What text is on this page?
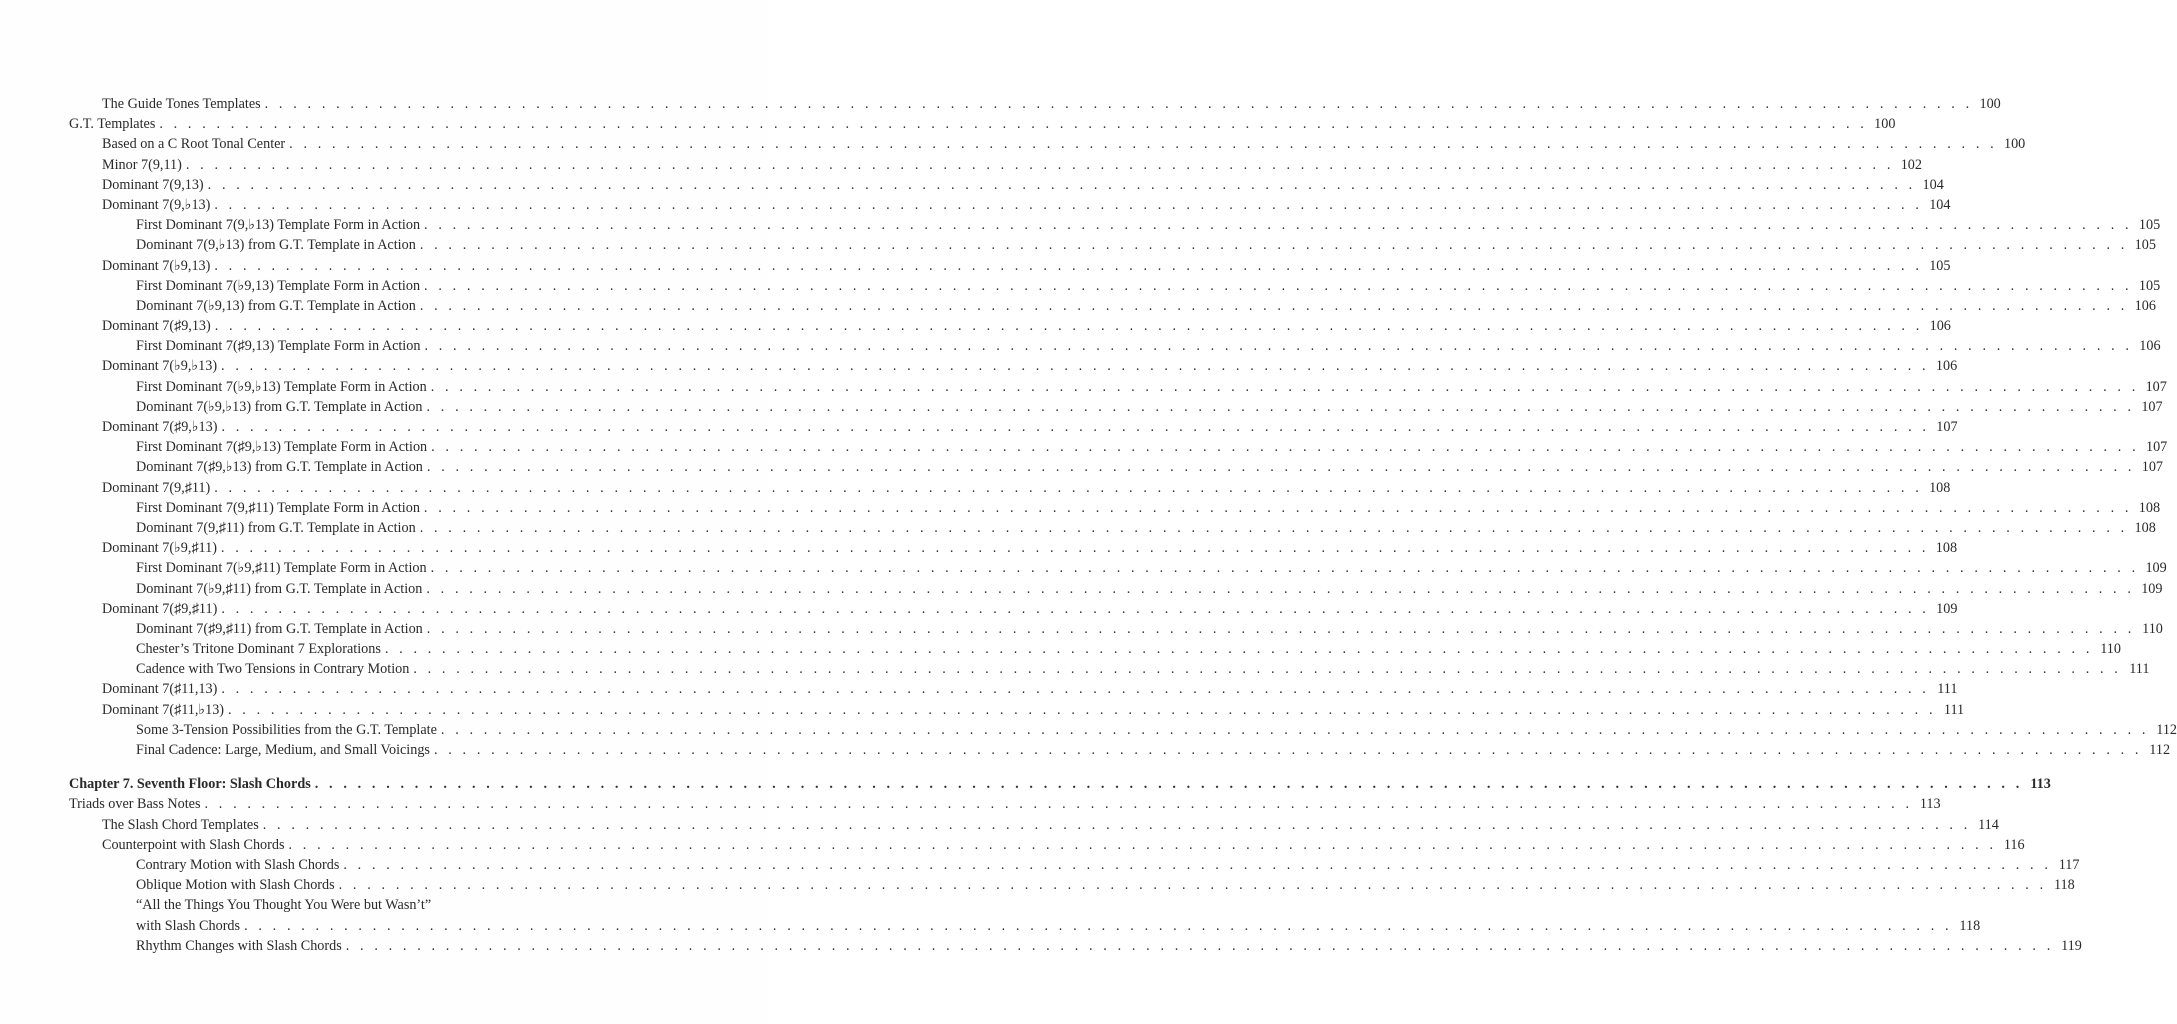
The Guide Tones Templates . . . . . . . . . . . . . . . . . . . . . . . . . . . . . . . . . . . . . . . . . . . . . . . . . . . . . . . . . . . . . . . . . . . . . . . . . . . . . . . . . . . . . . . . . . . . . . . . . . . . . . . . . . . . . . . . . . . . . . . . 100
G.T. Templates . . . . . . . . . . . . . . . . . . . . . . . . . . . . . . . . . . . . . . . . . . . . . . . . . . . . . . . . . . . . . . . . . . . . . . . . . . . . . . . . . . . . . . . . . . . . . . . . . . . . . . . . . . . . . . . . . . . . . . . . 100
Based on a C Root Tonal Center . . . . . . . . . . . . . . . . . . . . . . . . . . . . . . . . . . . . . . . . . . . . . . . . . . . . . . . . . . . . . . . . . . . . . . . . . . . . . . . . . . . . . . . . . . . . . . . . . . . . . . . . . . . . . . . . . . . . . . . . 100
Minor 7(9,11) . . . . . . . . . . . . . . . . . . . . . . . . . . . . . . . . . . . . . . . . . . . . . . . . . . . . . . . . . . . . . . . . . . . . . . . . . . . . . . . . . . . . . . . . . . . . . . . . . . . . . . . . . . . . . . . . . . . . . . . . 102
Dominant 7(9,13) . . . . . . . . . . . . . . . . . . . . . . . . . . . . . . . . . . . . . . . . . . . . . . . . . . . . . . . . . . . . . . . . . . . . . . . . . . . . . . . . . . . . . . . . . . . . . . . . . . . . . . . . . . . . . . . . . . . . . . . . 104
Dominant 7(9,♭13) . . . . . . . . . . . . . . . . . . . . . . . . . . . . . . . . . . . . . . . . . . . . . . . . . . . . . . . . . . . . . . . . . . . . . . . . . . . . . . . . . . . . . . . . . . . . . . . . . . . . . . . . . . . . . . . . . . . . . . . . 104
First Dominant 7(9,♭13) Template Form in Action . . . . . . . . . . . . . . . . . . . . . . . . . . . . . . . . . . . . . . . . . . . . . . . . . . . . . . . . . . . . . . . . . . . . . . . . . . . . . . . . . . . . . . . . . . . . . . . . . . . . . . . . . . . . . . . . . . . . . . . . 105
Dominant 7(9,♭13) from G.T. Template in Action . . . . . . . . . . . . . . . . . . . . . . . . . . . . . . . . . . . . . . . . . . . . . . . . . . . . . . . . . . . . . . . . . . . . . . . . . . . . . . . . . . . . . . . . . . . . . . . . . . . . . . . . . . . . . . . . . . . . . . . . 105
Dominant 7(♭9,13) . . . . . . . . . . . . . . . . . . . . . . . . . . . . . . . . . . . . . . . . . . . . . . . . . . . . . . . . . . . . . . . . . . . . . . . . . . . . . . . . . . . . . . . . . . . . . . . . . . . . . . . . . . . . . . . . . . . . . . . . 105
First Dominant 7(♭9,13) Template Form in Action . . . . . . . . . . . . . . . . . . . . . . . . . . . . . . . . . . . . . . . . . . . . . . . . . . . . . . . . . . . . . . . . . . . . . . . . . . . . . . . . . . . . . . . . . . . . . . . . . . . . . . . . . . . . . . . . . . . . . . . . 105
Dominant 7(♭9,13) from G.T. Template in Action . . . . . . . . . . . . . . . . . . . . . . . . . . . . . . . . . . . . . . . . . . . . . . . . . . . . . . . . . . . . . . . . . . . . . . . . . . . . . . . . . . . . . . . . . . . . . . . . . . . . . . . . . . . . . . . . . . . . . . . . 106
Dominant 7(♯9,13) . . . . . . . . . . . . . . . . . . . . . . . . . . . . . . . . . . . . . . . . . . . . . . . . . . . . . . . . . . . . . . . . . . . . . . . . . . . . . . . . . . . . . . . . . . . . . . . . . . . . . . . . . . . . . . . . . . . . . . . . 106
First Dominant 7(♯9,13) Template Form in Action . . . . . . . . . . . . . . . . . . . . . . . . . . . . . . . . . . . . . . . . . . . . . . . . . . . . . . . . . . . . . . . . . . . . . . . . . . . . . . . . . . . . . . . . . . . . . . . . . . . . . . . . . . . . . . . . . . . . . . . . 106
Dominant 7(♭9,♭13) . . . . . . . . . . . . . . . . . . . . . . . . . . . . . . . . . . . . . . . . . . . . . . . . . . . . . . . . . . . . . . . . . . . . . . . . . . . . . . . . . . . . . . . . . . . . . . . . . . . . . . . . . . . . . . . . . . . . . . . . 106
First Dominant 7(♭9,♭13) Template Form in Action . . . . . . . . . . . . . . . . . . . . . . . . . . . . . . . . . . . . . . . . . . . . . . . . . . . . . . . . . . . . . . . . . . . . . . . . . . . . . . . . . . . . . . . . . . . . . . . . . . . . . . . . . . . . . . . . . . . . . . . . 107
Dominant 7(♭9,♭13) from G.T. Template in Action . . . . . . . . . . . . . . . . . . . . . . . . . . . . . . . . . . . . . . . . . . . . . . . . . . . . . . . . . . . . . . . . . . . . . . . . . . . . . . . . . . . . . . . . . . . . . . . . . . . . . . . . . . . . . . . . . . . . . . . . 107
Dominant 7(♯9,♭13) . . . . . . . . . . . . . . . . . . . . . . . . . . . . . . . . . . . . . . . . . . . . . . . . . . . . . . . . . . . . . . . . . . . . . . . . . . . . . . . . . . . . . . . . . . . . . . . . . . . . . . . . . . . . . . . . . . . . . . . . 107
First Dominant 7(♯9,♭13) Template Form in Action . . . . . . . . . . . . . . . . . . . . . . . . . . . . . . . . . . . . . . . . . . . . . . . . . . . . . . . . . . . . . . . . . . . . . . . . . . . . . . . . . . . . . . . . . . . . . . . . . . . . . . . . . . . . . . . . . . . . . . . . 107
Dominant 7(♯9,♭13) from G.T. Template in Action . . . . . . . . . . . . . . . . . . . . . . . . . . . . . . . . . . . . . . . . . . . . . . . . . . . . . . . . . . . . . . . . . . . . . . . . . . . . . . . . . . . . . . . . . . . . . . . . . . . . . . . . . . . . . . . . . . . . . . . . 107
Dominant 7(9,♯11) . . . . . . . . . . . . . . . . . . . . . . . . . . . . . . . . . . . . . . . . . . . . . . . . . . . . . . . . . . . . . . . . . . . . . . . . . . . . . . . . . . . . . . . . . . . . . . . . . . . . . . . . . . . . . . . . . . . . . . . . 108
First Dominant 7(9,♯11) Template Form in Action . . . . . . . . . . . . . . . . . . . . . . . . . . . . . . . . . . . . . . . . . . . . . . . . . . . . . . . . . . . . . . . . . . . . . . . . . . . . . . . . . . . . . . . . . . . . . . . . . . . . . . . . . . . . . . . . . . . . . . . . 108
Dominant 7(9,♯11) from G.T. Template in Action . . . . . . . . . . . . . . . . . . . . . . . . . . . . . . . . . . . . . . . . . . . . . . . . . . . . . . . . . . . . . . . . . . . . . . . . . . . . . . . . . . . . . . . . . . . . . . . . . . . . . . . . . . . . . . . . . . . . . . . . 108
Dominant 7(♭9,♯11) . . . . . . . . . . . . . . . . . . . . . . . . . . . . . . . . . . . . . . . . . . . . . . . . . . . . . . . . . . . . . . . . . . . . . . . . . . . . . . . . . . . . . . . . . . . . . . . . . . . . . . . . . . . . . . . . . . . . . . . . 108
First Dominant 7(♭9,♯11) Template Form in Action . . . . . . . . . . . . . . . . . . . . . . . . . . . . . . . . . . . . . . . . . . . . . . . . . . . . . . . . . . . . . . . . . . . . . . . . . . . . . . . . . . . . . . . . . . . . . . . . . . . . . . . . . . . . . . . . . . . . . . . . 109
Dominant 7(♭9,♯11) from G.T. Template in Action . . . . . . . . . . . . . . . . . . . . . . . . . . . . . . . . . . . . . . . . . . . . . . . . . . . . . . . . . . . . . . . . . . . . . . . . . . . . . . . . . . . . . . . . . . . . . . . . . . . . . . . . . . . . . . . . . . . . . . . . 109
Dominant 7(♯9,♯11) . . . . . . . . . . . . . . . . . . . . . . . . . . . . . . . . . . . . . . . . . . . . . . . . . . . . . . . . . . . . . . . . . . . . . . . . . . . . . . . . . . . . . . . . . . . . . . . . . . . . . . . . . . . . . . . . . . . . . . . . 109
Dominant 7(♯9,♯11) from G.T. Template in Action . . . . . . . . . . . . . . . . . . . . . . . . . . . . . . . . . . . . . . . . . . . . . . . . . . . . . . . . . . . . . . . . . . . . . . . . . . . . . . . . . . . . . . . . . . . . . . . . . . . . . . . . . . . . . . . . . . . . . . . . 110
Chester’s Tritone Dominant 7 Explorations . . . . . . . . . . . . . . . . . . . . . . . . . . . . . . . . . . . . . . . . . . . . . . . . . . . . . . . . . . . . . . . . . . . . . . . . . . . . . . . . . . . . . . . . . . . . . . . . . . . . . . . . . . . . . . . . . . . . . . . . 110
Cadence with Two Tensions in Contrary Motion . . . . . . . . . . . . . . . . . . . . . . . . . . . . . . . . . . . . . . . . . . . . . . . . . . . . . . . . . . . . . . . . . . . . . . . . . . . . . . . . . . . . . . . . . . . . . . . . . . . . . . . . . . . . . . . . . . . . . . . . 111
Dominant 7(♯11,13) . . . . . . . . . . . . . . . . . . . . . . . . . . . . . . . . . . . . . . . . . . . . . . . . . . . . . . . . . . . . . . . . . . . . . . . . . . . . . . . . . . . . . . . . . . . . . . . . . . . . . . . . . . . . . . . . . . . . . . . . 111
Dominant 7(♯11,♭13) . . . . . . . . . . . . . . . . . . . . . . . . . . . . . . . . . . . . . . . . . . . . . . . . . . . . . . . . . . . . . . . . . . . . . . . . . . . . . . . . . . . . . . . . . . . . . . . . . . . . . . . . . . . . . . . . . . . . . . . . 111
Some 3-Tension Possibilities from the G.T. Template . . . . . . . . . . . . . . . . . . . . . . . . . . . . . . . . . . . . . . . . . . . . . . . . . . . . . . . . . . . . . . . . . . . . . . . . . . . . . . . . . . . . . . . . . . . . . . . . . . . . . . . . . . . . . . . . . . . . . . . . 112
Final Cadence: Large, Medium, and Small Voicings . . . . . . . . . . . . . . . . . . . . . . . . . . . . . . . . . . . . . . . . . . . . . . . . . . . . . . . . . . . . . . . . . . . . . . . . . . . . . . . . . . . . . . . . . . . . . . . . . . . . . . . . . . . . . . . . . . . . . . . . 112
Chapter 7. Seventh Floor: Slash Chords . . . . . . . . . . . . . . . . . . . . . . . . . . . . . . . . . . . . . . . . . . . . . . . . . . . . . . . . . . . . . . . . . . . . . . . . . . . . . . . . . . . . . . . . . . . . . . . . . . . . . . . . . . . . . . . . . . . . . . . . 113
Triads over Bass Notes . . . . . . . . . . . . . . . . . . . . . . . . . . . . . . . . . . . . . . . . . . . . . . . . . . . . . . . . . . . . . . . . . . . . . . . . . . . . . . . . . . . . . . . . . . . . . . . . . . . . . . . . . . . . . . . . . . . . . . . . 113
The Slash Chord Templates . . . . . . . . . . . . . . . . . . . . . . . . . . . . . . . . . . . . . . . . . . . . . . . . . . . . . . . . . . . . . . . . . . . . . . . . . . . . . . . . . . . . . . . . . . . . . . . . . . . . . . . . . . . . . . . . . . . . . . . . 114
Counterpoint with Slash Chords . . . . . . . . . . . . . . . . . . . . . . . . . . . . . . . . . . . . . . . . . . . . . . . . . . . . . . . . . . . . . . . . . . . . . . . . . . . . . . . . . . . . . . . . . . . . . . . . . . . . . . . . . . . . . . . . . . . . . . . . 116
Contrary Motion with Slash Chords . . . . . . . . . . . . . . . . . . . . . . . . . . . . . . . . . . . . . . . . . . . . . . . . . . . . . . . . . . . . . . . . . . . . . . . . . . . . . . . . . . . . . . . . . . . . . . . . . . . . . . . . . . . . . . . . . . . . . . . . 117
Oblique Motion with Slash Chords . . . . . . . . . . . . . . . . . . . . . . . . . . . . . . . . . . . . . . . . . . . . . . . . . . . . . . . . . . . . . . . . . . . . . . . . . . . . . . . . . . . . . . . . . . . . . . . . . . . . . . . . . . . . . . . . . . . . . . . . 118
“All the Things You Thought You Were but Wasn’t”
with Slash Chords . . . . . . . . . . . . . . . . . . . . . . . . . . . . . . . . . . . . . . . . . . . . . . . . . . . . . . . . . . . . . . . . . . . . . . . . . . . . . . . . . . . . . . . . . . . . . . . . . . . . . . . . . . . . . . . . . . . . . . . . 118
Rhythm Changes with Slash Chords . . . . . . . . . . . . . . . . . . . . . . . . . . . . . . . . . . . . . . . . . . . . . . . . . . . . . . . . . . . . . . . . . . . . . . . . . . . . . . . . . . . . . . . . . . . . . . . . . . . . . . . . . . . . . . . . . . . . . . . . 119
